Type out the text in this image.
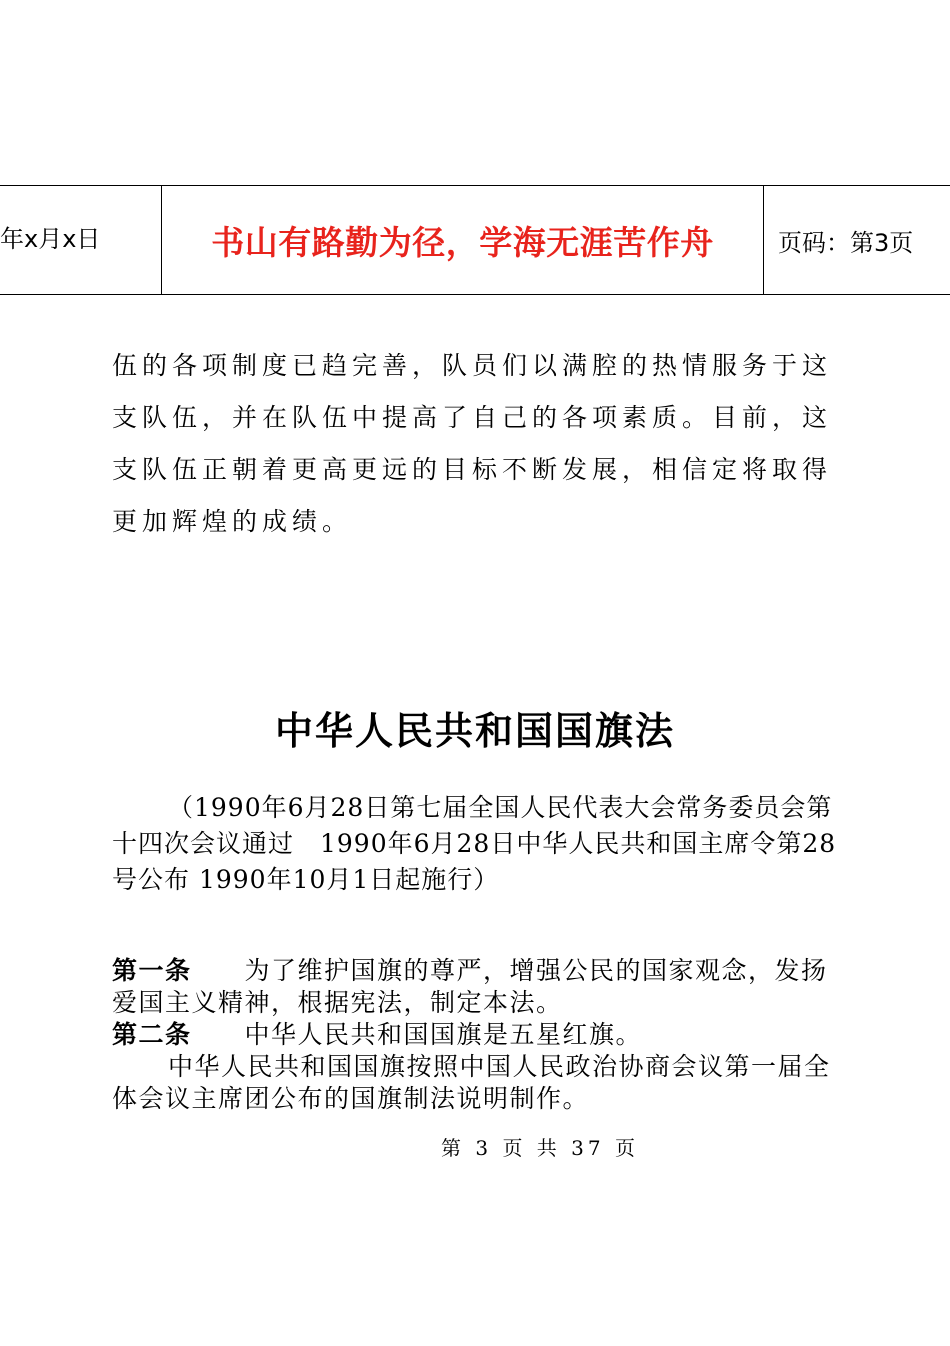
年x月x日	书山有路勤为径，学海无涯苦作舟	页码：第3页

伍的各项制度已趋完善，队员们以满腔的热情服务于这支队伍，并在队伍中提高了自己的各项素质。目前，这支队伍正朝着更高更远的目标不断发展，相信定将取得更加辉煌的成绩。

中华人民共和国国旗法

（1990年6月28日第七届全国人民代表大会常务委员会第十四次会议通过　1990年6月28日中华人民共和国主席令第28号公布 1990年10月1日起施行）

第一条　　 为了维护国旗的尊严，增强公民的国家观念，发扬爱国主义精神，根据宪法，制定本法。

第二条　　 中华人民共和国国旗是五星红旗。

中华人民共和国国旗按照中国人民政治协商会议第一届全体会议主席团公布的国旗制法说明制作。

第 3 页 共 37 页
